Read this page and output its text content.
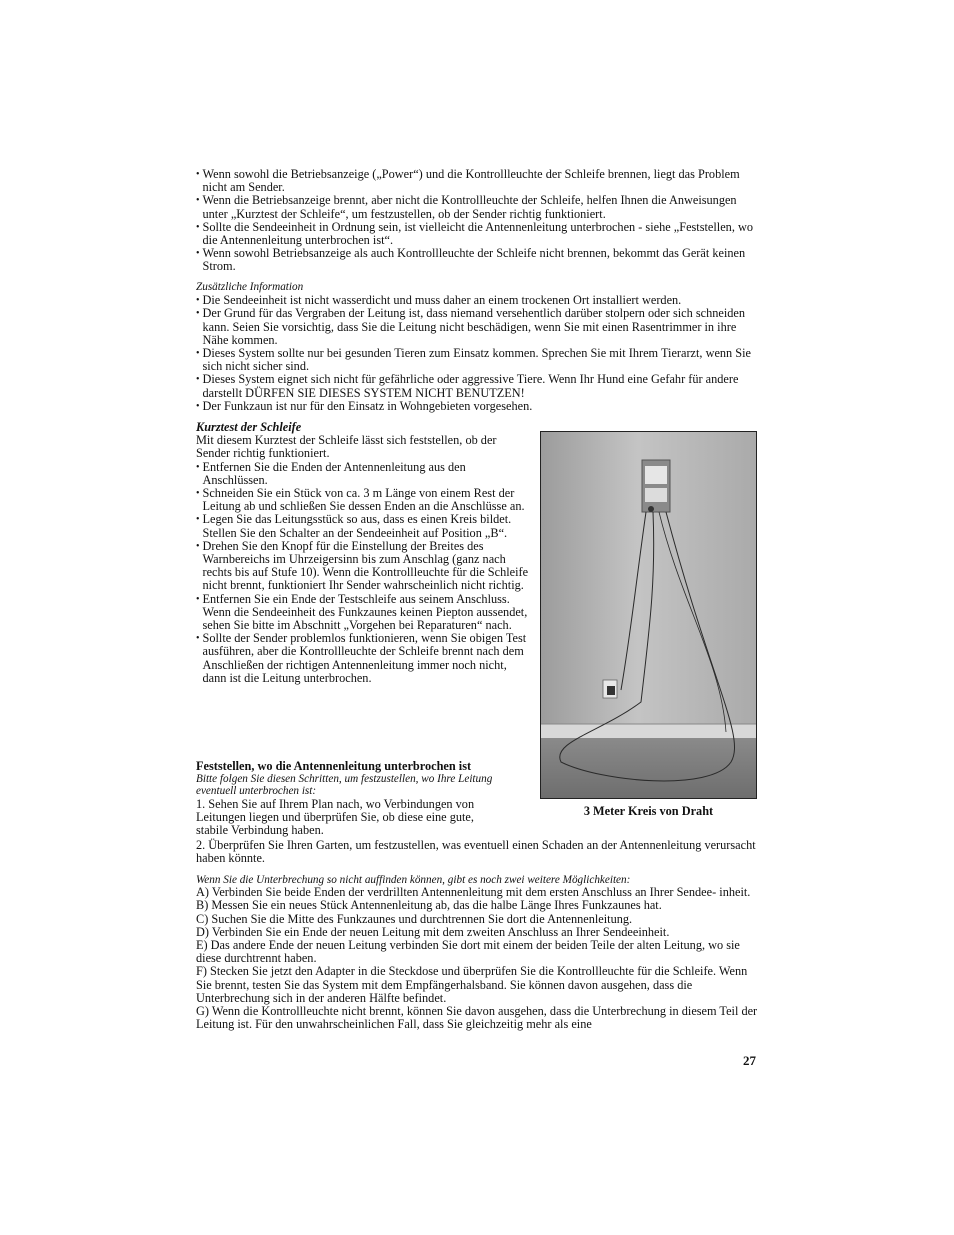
• Wenn sowohl die Betriebsanzeige („Power“) und die Kontrollleuchte der Schleife brennen, liegt das Problem nicht am Sender.
• Wenn die Betriebsanzeige brennt, aber nicht die Kontrollleuchte der Schleife, helfen Ihnen die Anweisungen unter „Kurztest der Schleife“, um festzustellen, ob der Sender richtig funktioniert.
• Sollte die Sendeeinheit in Ordnung sein, ist vielleicht die Antennenleitung unterbrochen - siehe „Feststellen, wo die Antennenleitung unterbrochen ist“.
• Wenn sowohl Betriebsanzeige als auch Kontrollleuchte der Schleife nicht brennen, bekommt das Gerät keinen Strom.
Zusätzliche Information
• Die Sendeeinheit ist nicht wasserdicht und muss daher an einem trockenen Ort installiert werden.
• Der Grund für das Vergraben der Leitung ist, dass niemand versehentlich darüber stolpern oder sich schneiden kann. Seien Sie vorsichtig, dass Sie die Leitung nicht beschädigen, wenn Sie mit einen Rasentrimmer in ihre Nähe kommen.
• Dieses System sollte nur bei gesunden Tieren zum Einsatz kommen. Sprechen Sie mit Ihrem Tierarzt, wenn Sie sich nicht sicher sind.
• Dieses System eignet sich nicht für gefährliche oder aggressive Tiere. Wenn Ihr Hund eine Gefahr für andere darstellt DÜRFEN SIE DIESES SYSTEM NICHT BENUTZEN!
• Der Funkzaun ist nur für den Einsatz in Wohngebieten vorgesehen.
Kurztest der Schleife
Mit diesem Kurztest der Schleife lässt sich feststellen, ob der Sender richtig funktioniert.
• Entfernen Sie die Enden der Antennenleitung aus den Anschlüssen.
• Schneiden Sie ein Stück von ca. 3 m Länge von einem Rest der Leitung ab und schließen Sie dessen Enden an die Anschlüsse an.
• Legen Sie das Leitungsstück so aus, dass es einen Kreis bildet. Stellen Sie den Schalter an der Sendeeinheit auf Position „B“.
• Drehen Sie den Knopf für die Einstellung der Breites des Warnbereichs im Uhrzeigersinn bis zum Anschlag (ganz nach rechts bis auf Stufe 10). Wenn die Kontrollleuchte für die Schleife nicht brennt, funktioniert Ihr Sender wahrscheinlich nicht richtig.
• Entfernen Sie ein Ende der Testschleife aus seinem Anschluss. Wenn die Sendeeinheit des Funkzaunes keinen Piepton aussendet, sehen Sie bitte im Abschnitt „Vorgehen bei Reparaturen“ nach.
• Sollte der Sender problemlos funktionieren, wenn Sie obigen Test ausführen, aber die Kontrollleuchte der Schleife brennt nach dem Anschließen der richtigen Antennenleitung immer noch nicht, dann ist die Leitung unterbrochen.
Feststellen, wo die Antennenleitung unterbrochen ist
Bitte folgen Sie diesen Schritten, um festzustellen, wo Ihre Leitung eventuell unterbrochen ist:
1. Sehen Sie auf Ihrem Plan nach, wo Verbindungen von Leitungen liegen und überprüfen Sie, ob diese eine gute, stabile Verbindung haben.
2. Überprüfen Sie Ihren Garten, um festzustellen, was eventuell einen Schaden an der Antennenleitung verursacht haben könnte.
Wenn Sie die Unterbrechung so nicht auffinden können, gibt es noch zwei weitere Möglichkeiten:
A) Verbinden Sie beide Enden der verdrillten Antennenleitung mit dem ersten Anschluss an Ihrer Sendee- inheit.
B) Messen Sie ein neues Stück Antennenleitung ab, das die halbe Länge Ihres Funkzaunes hat.
C) Suchen Sie die Mitte des Funkzaunes und durchtrennen Sie dort die Antennenleitung.
D) Verbinden Sie ein Ende der neuen Leitung mit dem zweiten Anschluss an Ihrer Sendeeinheit.
E) Das andere Ende der neuen Leitung verbinden Sie dort mit einem der beiden Teile der alten Leitung, wo sie diese durchtrennt haben.
F) Stecken Sie jetzt den Adapter in die Steckdose und überprüfen Sie die Kontrollleuchte für die Schleife. Wenn Sie brennt, testen Sie das System mit dem Empfängerhalsband. Sie können davon ausgehen, dass die Unterbrechung sich in der anderen Hälfte befindet.
G) Wenn die Kontrollleuchte nicht brennt, können Sie davon ausgehen, dass die Unterbrechung in diesem Teil der Leitung ist. Für den unwahrscheinlichen Fall, dass Sie gleichzeitig mehr als eine
3 Meter Kreis von Draht
27
